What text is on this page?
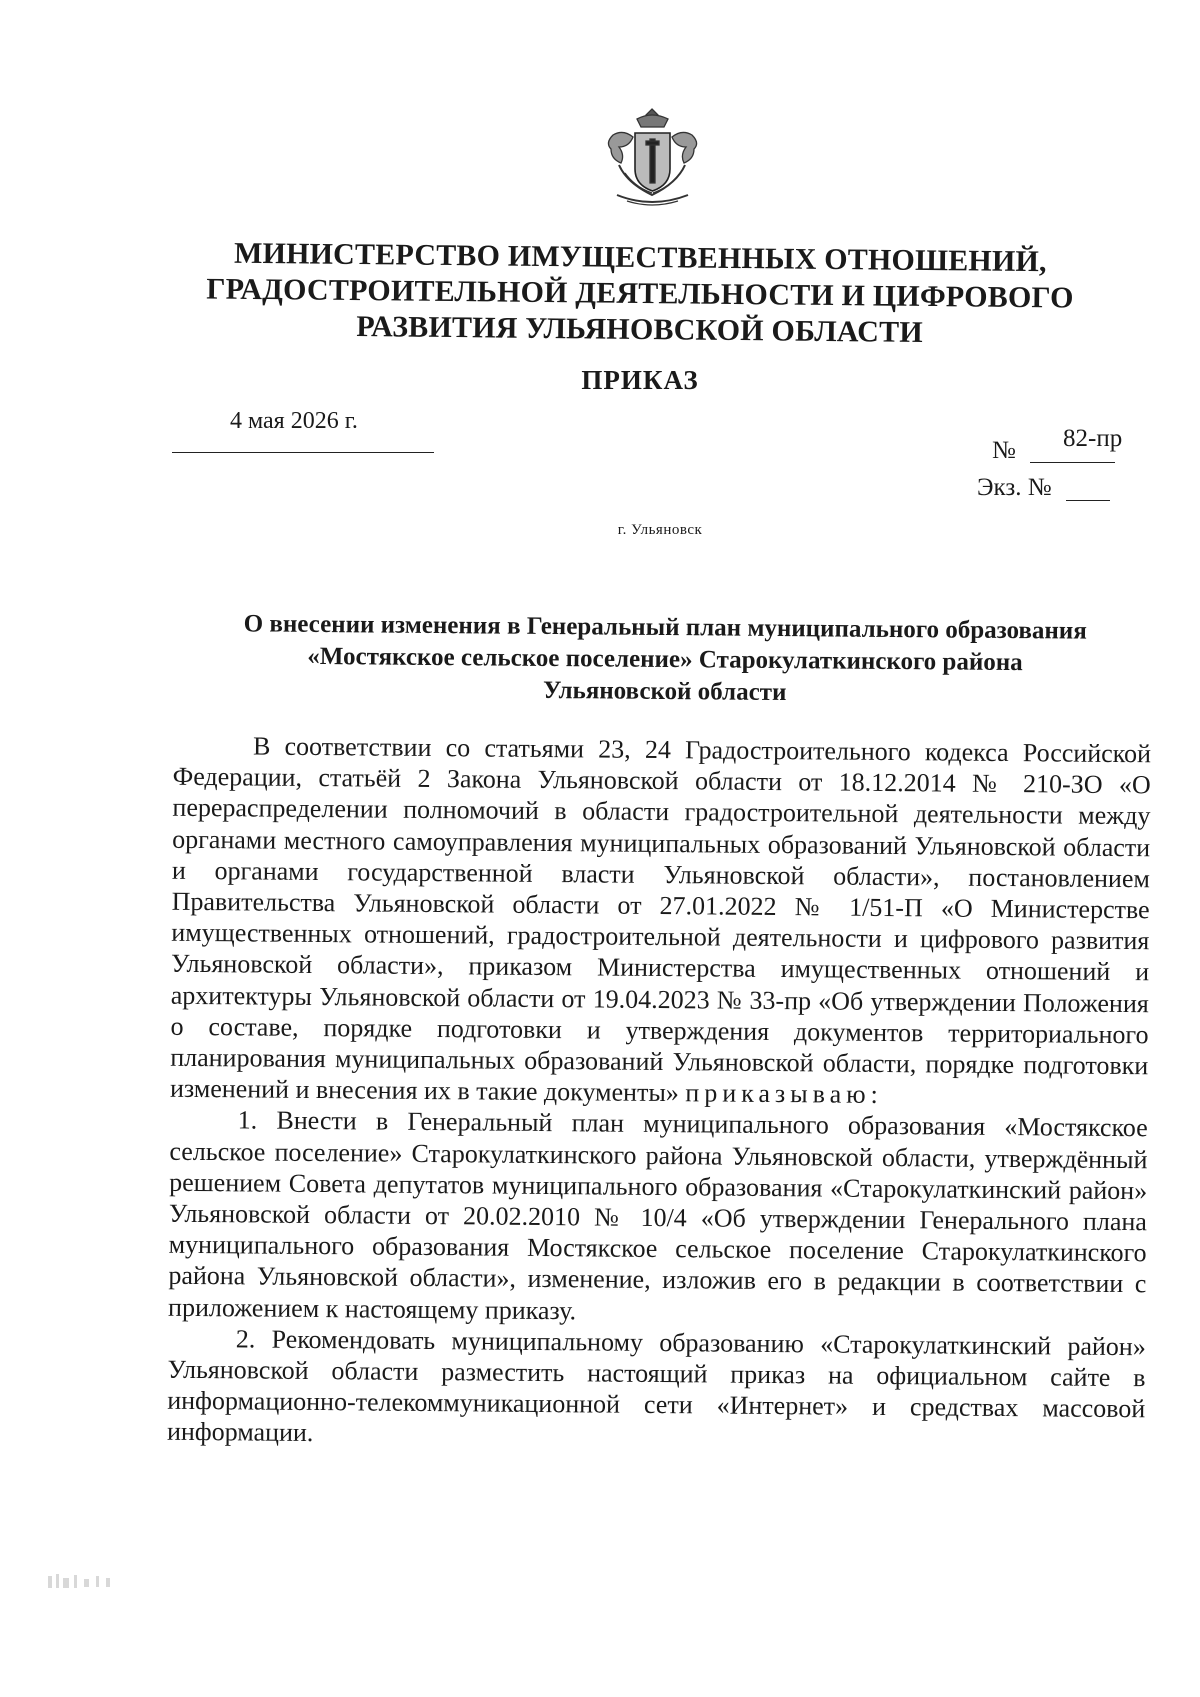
МИНИСТЕРСТВО ИМУЩЕСТВЕННЫХ ОТНОШЕНИЙ,
ГРАДОСТРОИТЕЛЬНОЙ ДЕЯТЕЛЬНОСТИ И ЦИФРОВОГО
РАЗВИТИЯ УЛЬЯНОВСКОЙ ОБЛАСТИ
ПРИКАЗ
4 мая 2026 г.
№ 82-пр
Экз. №
г. Ульяновск
О внесении изменения в Генеральный план муниципального образования
«Мостякское сельское поселение» Старокулаткинского района
Ульяновской области

В соответствии со статьями 23, 24 Градостроительного кодекса Российской Федерации, статьёй 2 Закона Ульяновской области от 18.12.2014 № 210-ЗО «О перераспределении полномочий в области градостроительной деятельности между органами местного самоуправления муниципальных образований Ульяновской области и органами государственной власти Ульяновской области», постановлением Правительства Ульяновской области от 27.01.2022 № 1/51-П «О Министерстве имущественных отношений, градостроительной деятельности и цифрового развития Ульяновской области», приказом Министерства имущественных отношений и архитектуры Ульяновской области от 19.04.2023 № 33-пр «Об утверждении Положения о составе, порядке подготовки и утверждения документов территориального планирования муниципальных образований Ульяновской области, порядке подготовки изменений и внесения их в такие документы» приказываю:

1. Внести в Генеральный план муниципального образования «Мостякское сельское поселение» Старокулаткинского района Ульяновской области, утверждённый решением Совета депутатов муниципального образования «Старокулаткинский район» Ульяновской области от 20.02.2010 № 10/4 «Об утверждении Генерального плана муниципального образования Мостякское сельское поселение Старокулаткинского района Ульяновской области», изменение, изложив его в редакции в соответствии с приложением к настоящему приказу.

2. Рекомендовать муниципальному образованию «Старокулаткинский район» Ульяновской области разместить настоящий приказ на официальном сайте в информационно-телекоммуникационной сети «Интернет» и средствах массовой информации.
